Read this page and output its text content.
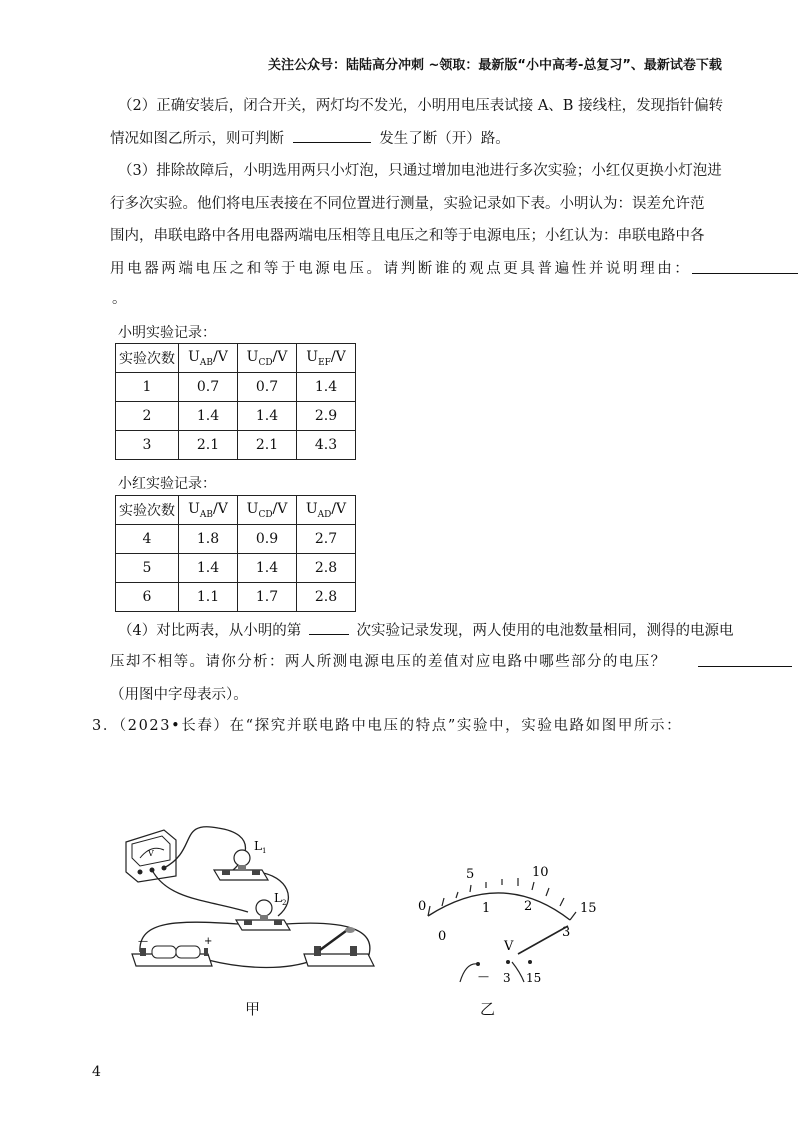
关注公众号：陆陆高分冲刺 ~领取：最新版“小中高考-总复习”、最新试卷下载
（2）正确安装后，闭合开关，两灯均不发光，小明用电压表试接 A、B 接线柱，发现指针偏转
情况如图乙所示，则可判断	发生了断（开）路。
（3）排除故障后，小明选用两只小灯泡，只通过增加电池进行多次实验；小红仅更换小灯泡进
行多次实验。他们将电压表接在不同位置进行测量，实验记录如下表。小明认为：误差允许范
围内，串联电路中各用电器两端电压相等且电压之和等于电源电压；小红认为：串联电路中各
用电器两端电压之和等于电源电压。请判断谁的观点更具普遍性并说明理由：
。
小明实验记录：
实验次数	$U_{AB}/V$	$U_{CD}/V$	$U_{EF}/V$
1	0.7	0.7	1.4
2	1.4	1.4	2.9
3	2.1	2.1	4.3
小红实验记录：
实验次数	$U_{AB}/V$	$U_{CD}/V$	$U_{AD}/V$
4	1.8	0.9	2.7
5	1.4	1.4	2.8
6	1.1	1.7	2.8
（4）对比两表，从小明的第	次实验记录发现，两人使用的电池数量相同，测得的电源电
压却不相等。请你分析：两人所测电源电压的差值对应电路中哪些部分的电压？
（用图中字母表示）。
3．（2023•长春）在“探究并联电路中电压的特点”实验中，实验电路如图甲所示：
V
$L_1$
$L_2$
—	+
甲
0
5	10
15
0
1	2
3
V
— 3 15
乙
4
